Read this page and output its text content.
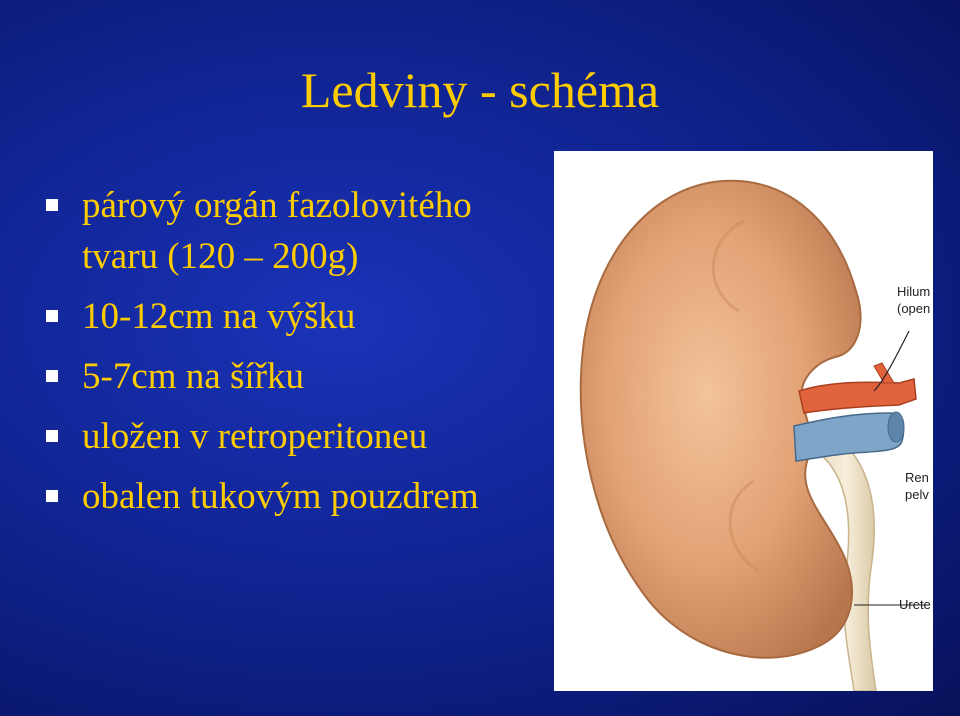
Ledviny - schéma
párový orgán fazolovitého tvaru (120 – 200g)
10-12cm na výšku
5-7cm na šířku
uložen v retroperitoneu
obalen tukovým pouzdrem
Hilum
(open
Ren
pelv
Urete
